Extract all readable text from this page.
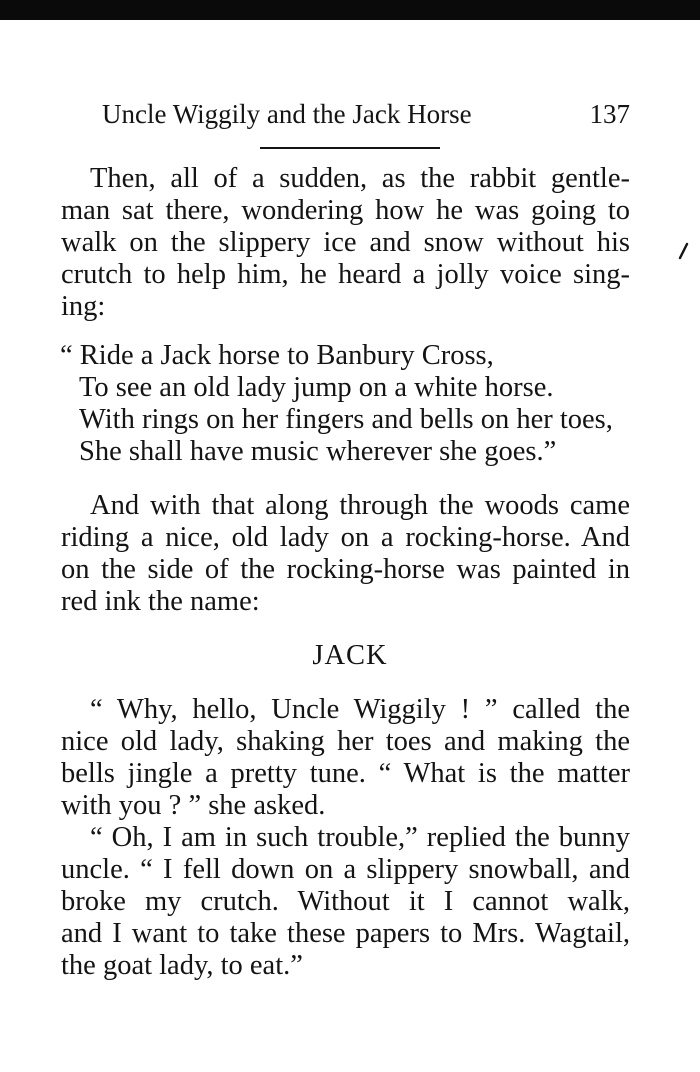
Uncle Wiggily and the Jack Horse	137
Then, all of a sudden, as the rabbit gentle-
man sat there, wondering how he was going to
walk on the slippery ice and snow without his
crutch to help him, he heard a jolly voice sing-
ing:
“ Ride a Jack horse to Banbury Cross,
To see an old lady jump on a white horse.
With rings on her fingers and bells on her toes,
She shall have music wherever she goes.”
And with that along through the woods came
riding a nice, old lady on a rocking-horse. And
on the side of the rocking-horse was painted in
red ink the name:
JACK
“ Why, hello, Uncle Wiggily ! ” called the
nice old lady, shaking her toes and making the
bells jingle a pretty tune. “ What is the matter
with you ? ” she asked.
“ Oh, I am in such trouble,” replied the bunny
uncle. “ I fell down on a slippery snowball, and
broke my crutch. Without it I cannot walk,
and I want to take these papers to Mrs. Wagtail,
the goat lady, to eat.”
